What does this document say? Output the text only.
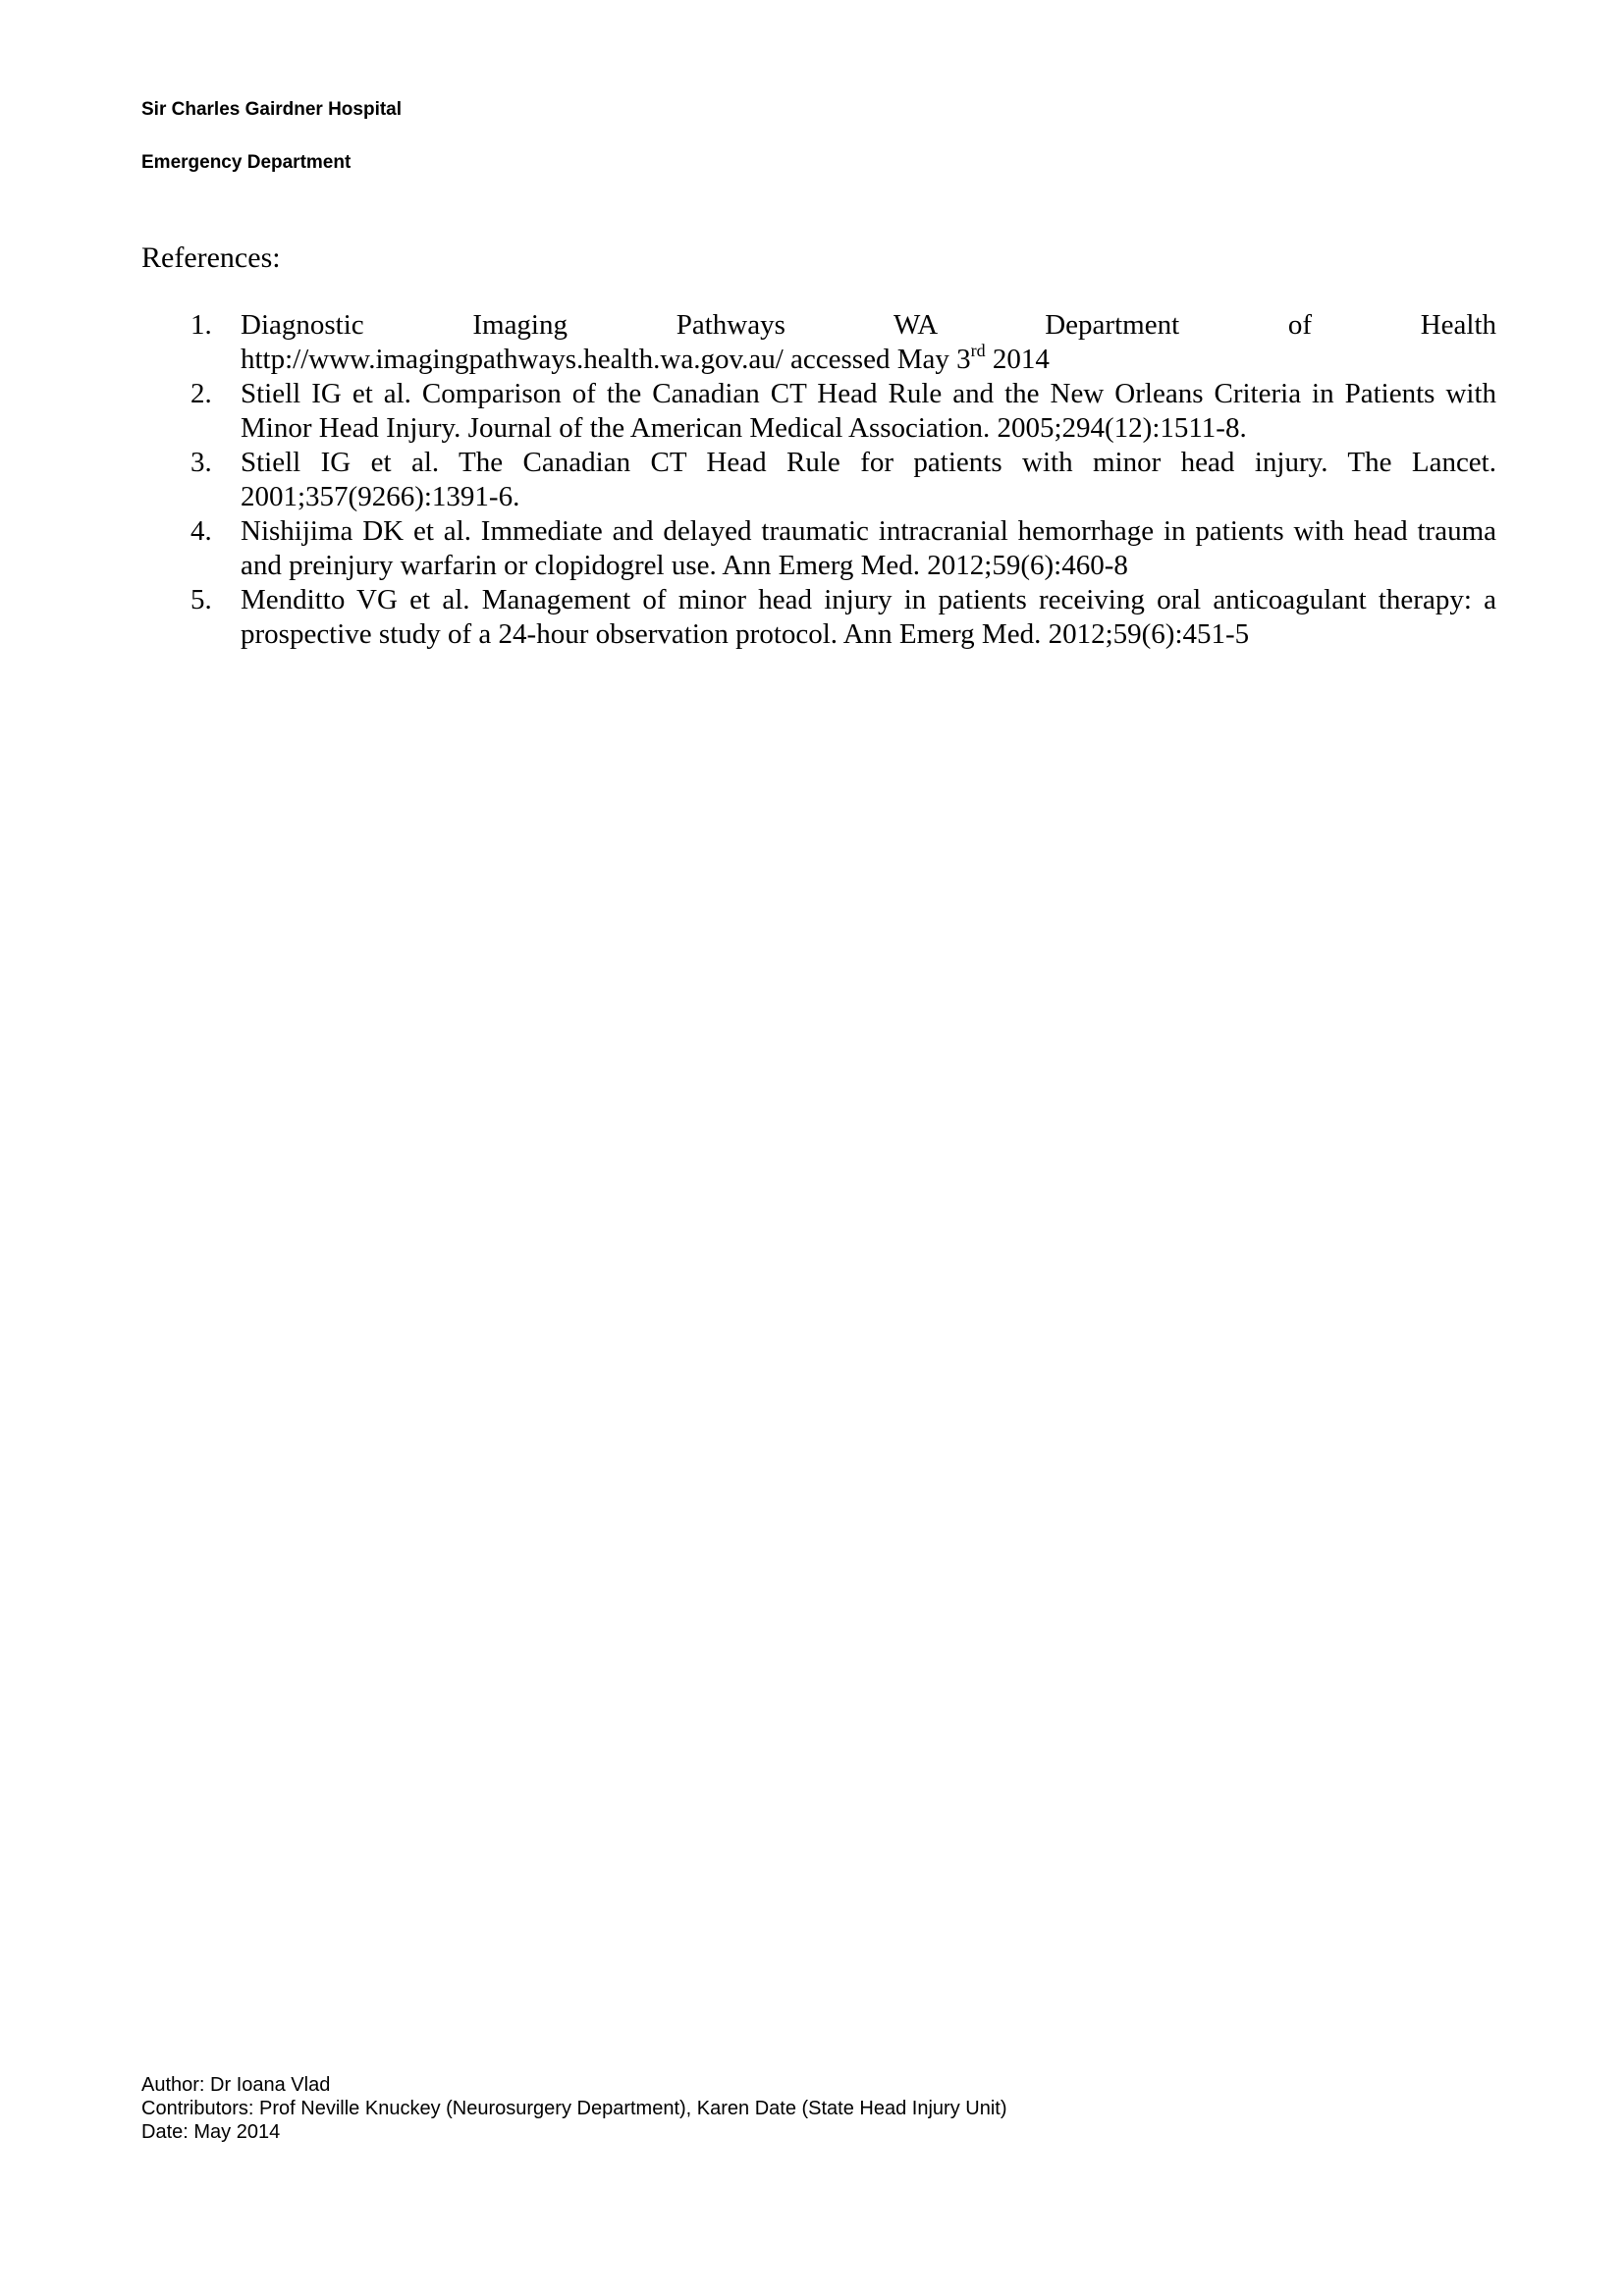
Sir Charles Gairdner Hospital
Emergency Department
References:
1. Diagnostic Imaging Pathways WA Department of Health
http://www.imagingpathways.health.wa.gov.au/ accessed May 3rd 2014
2. Stiell IG et al. Comparison of the Canadian CT Head Rule and the New Orleans Criteria in Patients with Minor Head Injury. Journal of the American Medical Association. 2005;294(12):1511-8.
3. Stiell IG et al. The Canadian CT Head Rule for patients with minor head injury. The Lancet. 2001;357(9266):1391-6.
4. Nishijima DK et al. Immediate and delayed traumatic intracranial hemorrhage in patients with head trauma and preinjury warfarin or clopidogrel use. Ann Emerg Med. 2012;59(6):460-8
5. Menditto VG et al. Management of minor head injury in patients receiving oral anticoagulant therapy: a prospective study of a 24-hour observation protocol. Ann Emerg Med. 2012;59(6):451-5
Author: Dr Ioana Vlad
Contributors: Prof Neville Knuckey (Neurosurgery Department), Karen Date (State Head Injury Unit)
Date: May 2014
